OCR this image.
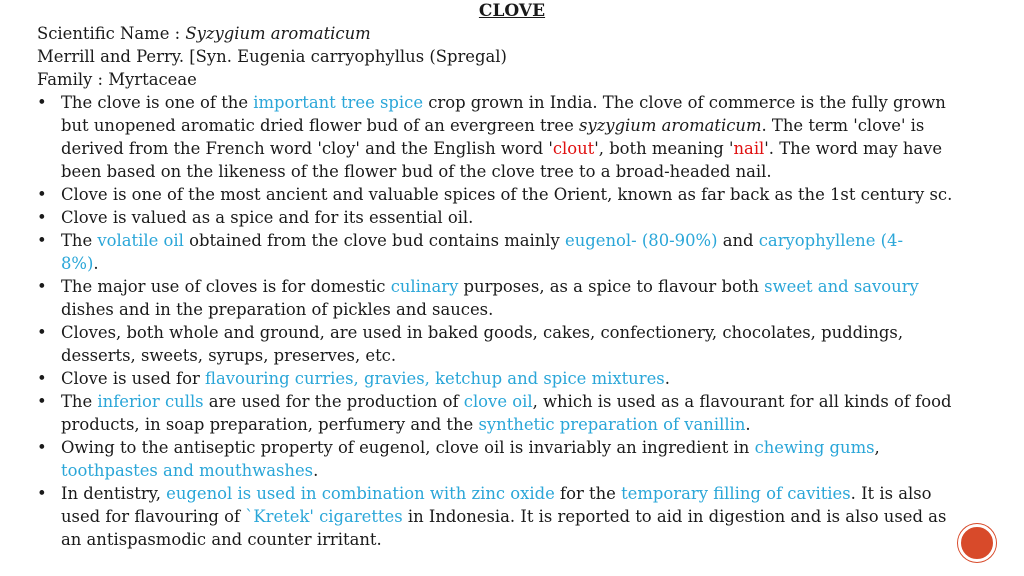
CLOVE
Scientific Name : Syzygium aromaticum
Merrill and Perry. [Syn. Eugenia carryophyllus (Spregal)
Family : Myrtaceae
• The clove is one of the important tree spice crop grown in India. The clove of commerce is the fully grown
but unopened aromatic dried flower bud of an evergreen tree syzygium aromaticum. The term 'clove' is
derived from the French word 'cloy' and the English word 'clout', both meaning 'nail'. The word may have
been based on the likeness of the flower bud of the clove tree to a broad-headed nail.
• Clove is one of the most ancient and valuable spices of the Orient, known as far back as the 1st century sc.
• Clove is valued as a spice and for its essential oil.
• The volatile oil obtained from the clove bud contains mainly eugenol- (80-90%) and caryophyllene (4-
8%).
• The major use of cloves is for domestic culinary purposes, as a spice to flavour both sweet and savoury
dishes and in the preparation of pickles and sauces.
• Cloves, both whole and ground, are used in baked goods, cakes, confectionery, chocolates, puddings,
desserts, sweets, syrups, preserves, etc.
• Clove is used for flavouring curries, gravies, ketchup and spice mixtures.
• The inferior culls are used for the production of clove oil, which is used as a flavourant for all kinds of food
products, in soap preparation, perfumery and the synthetic preparation of vanillin.
• Owing to the antiseptic property of eugenol, clove oil is invariably an ingredient in chewing gums,
toothpastes and mouthwashes.
• In dentistry, eugenol is used in combination with zinc oxide for the temporary filling of cavities. It is also
used for flavouring of `Kretek' cigarettes in Indonesia. It is reported to aid in digestion and is also used as
an antispasmodic and counter irritant.
